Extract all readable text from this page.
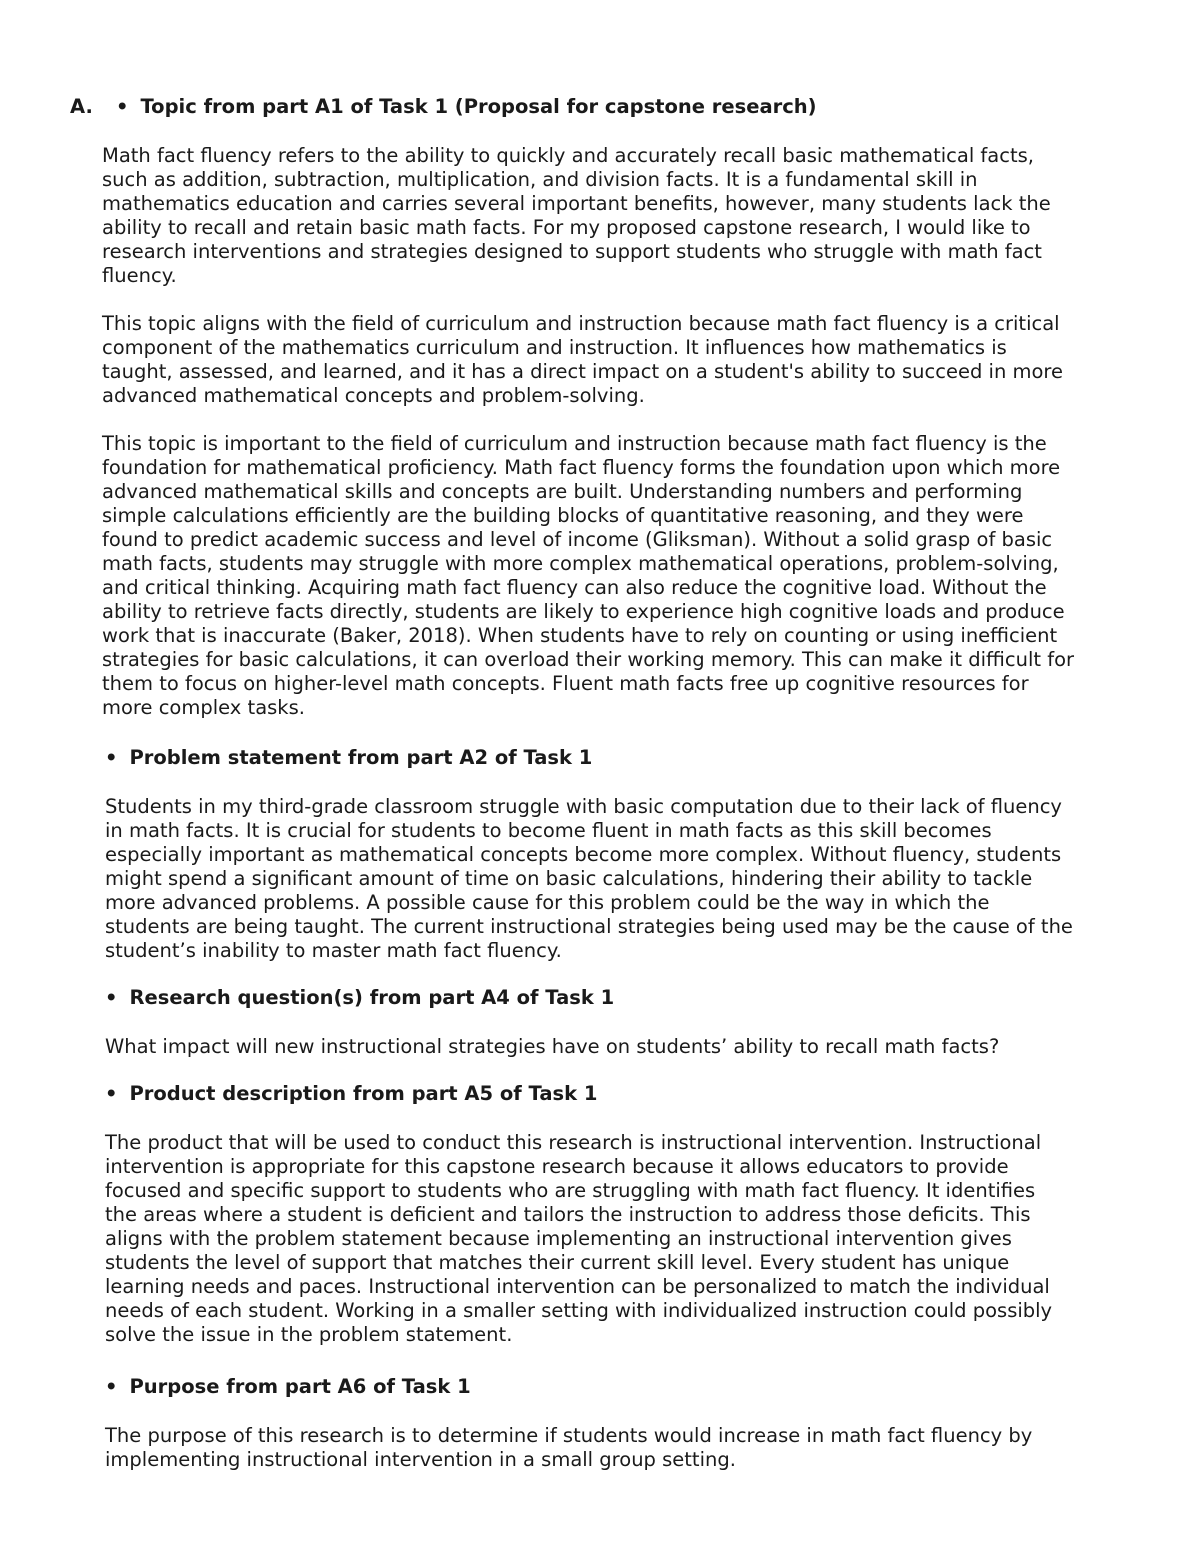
A. • Topic from part A1 of Task 1 (Proposal for capstone research)

Math fact fluency refers to the ability to quickly and accurately recall basic mathematical facts,
such as addition, subtraction, multiplication, and division facts. It is a fundamental skill in
mathematics education and carries several important benefits, however, many students lack the
ability to recall and retain basic math facts. For my proposed capstone research, I would like to
research interventions and strategies designed to support students who struggle with math fact
fluency.

This topic aligns with the field of curriculum and instruction because math fact fluency is a critical
component of the mathematics curriculum and instruction. It influences how mathematics is
taught, assessed, and learned, and it has a direct impact on a student's ability to succeed in more
advanced mathematical concepts and problem-solving.

This topic is important to the field of curriculum and instruction because math fact fluency is the
foundation for mathematical proficiency. Math fact fluency forms the foundation upon which more
advanced mathematical skills and concepts are built. Understanding numbers and performing
simple calculations efficiently are the building blocks of quantitative reasoning, and they were
found to predict academic success and level of income (Gliksman). Without a solid grasp of basic
math facts, students may struggle with more complex mathematical operations, problem-solving,
and critical thinking. Acquiring math fact fluency can also reduce the cognitive load. Without the
ability to retrieve facts directly, students are likely to experience high cognitive loads and produce
work that is inaccurate (Baker, 2018). When students have to rely on counting or using inefficient
strategies for basic calculations, it can overload their working memory. This can make it difficult for
them to focus on higher-level math concepts. Fluent math facts free up cognitive resources for
more complex tasks.

• Problem statement from part A2 of Task 1

Students in my third-grade classroom struggle with basic computation due to their lack of fluency
in math facts. It is crucial for students to become fluent in math facts as this skill becomes
especially important as mathematical concepts become more complex. Without fluency, students
might spend a significant amount of time on basic calculations, hindering their ability to tackle
more advanced problems. A possible cause for this problem could be the way in which the
students are being taught. The current instructional strategies being used may be the cause of the
student’s inability to master math fact fluency.

• Research question(s) from part A4 of Task 1

What impact will new instructional strategies have on students’ ability to recall math facts?

• Product description from part A5 of Task 1

The product that will be used to conduct this research is instructional intervention. Instructional
intervention is appropriate for this capstone research because it allows educators to provide
focused and specific support to students who are struggling with math fact fluency. It identifies
the areas where a student is deficient and tailors the instruction to address those deficits. This
aligns with the problem statement because implementing an instructional intervention gives
students the level of support that matches their current skill level. Every student has unique
learning needs and paces. Instructional intervention can be personalized to match the individual
needs of each student. Working in a smaller setting with individualized instruction could possibly
solve the issue in the problem statement.

• Purpose from part A6 of Task 1

The purpose of this research is to determine if students would increase in math fact fluency by
implementing instructional intervention in a small group setting.
